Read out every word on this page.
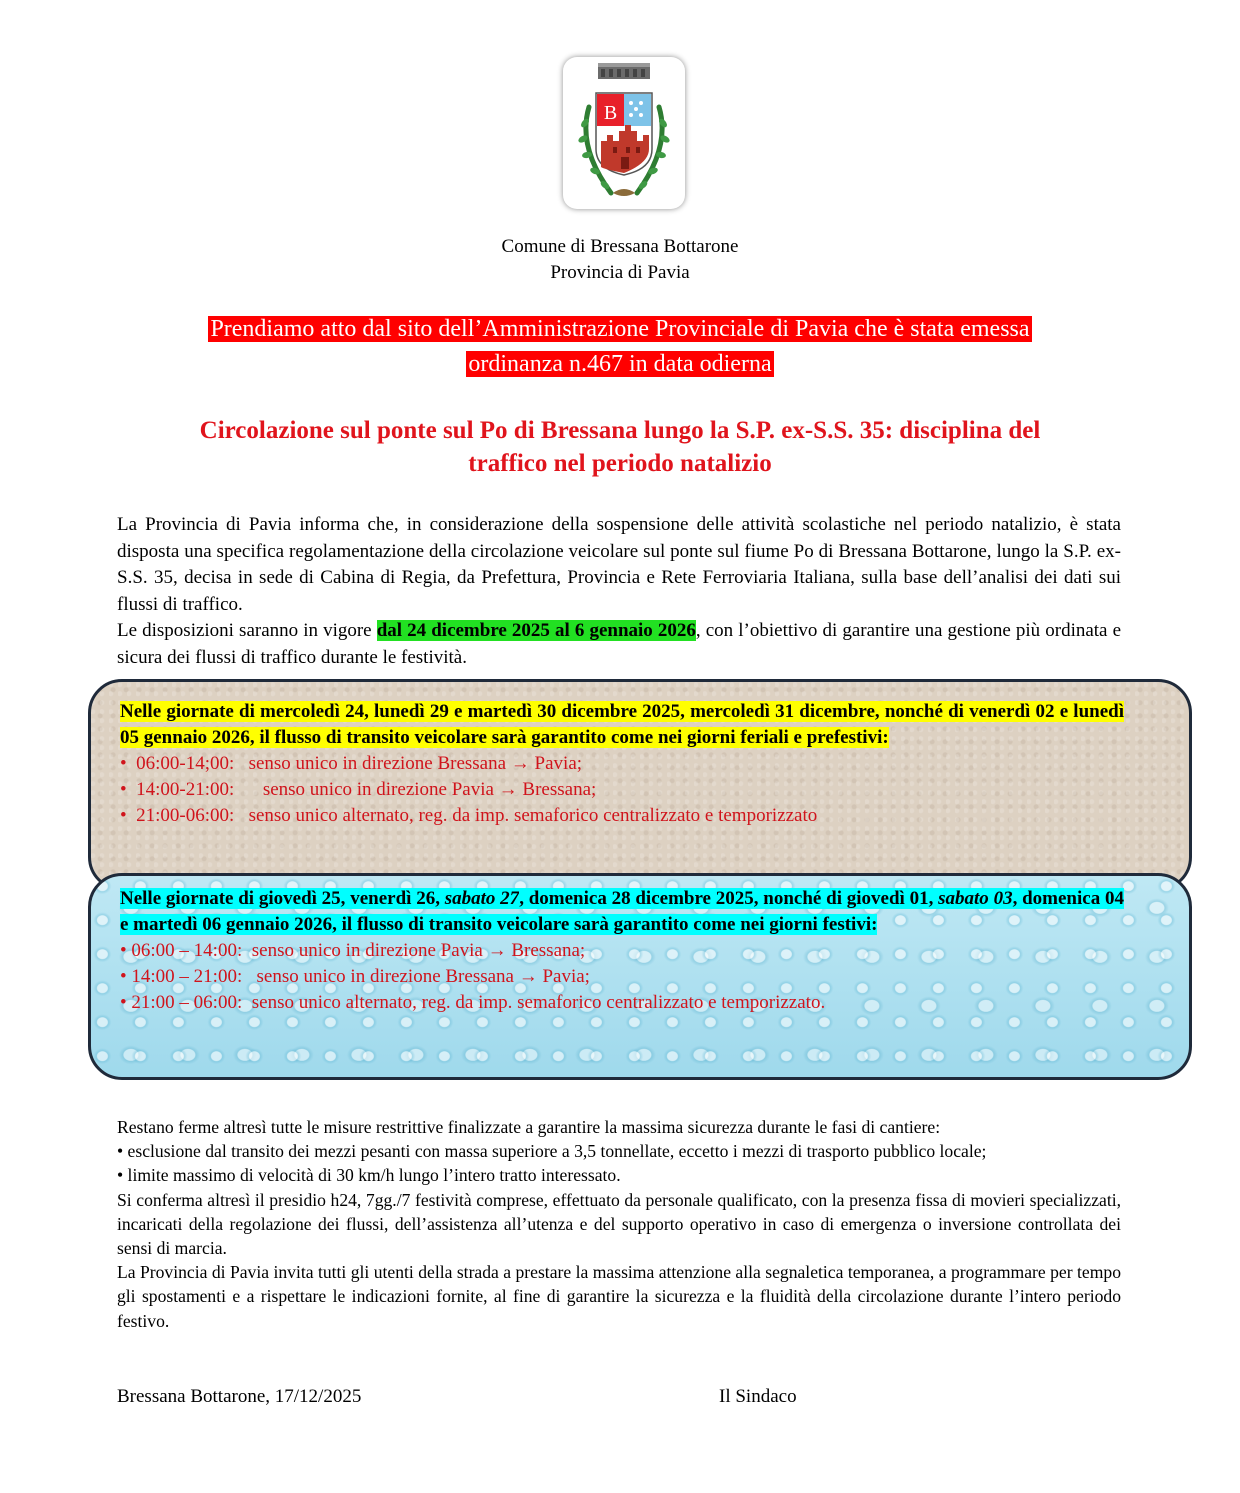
B
Comune di Bressana Bottarone
Provincia di Pavia
Prendiamo atto dal sito dell’Amministrazione Provinciale di Pavia che è stata emessa
ordinanza n.467 in data odierna
Circolazione sul ponte sul Po di Bressana lungo la S.P. ex-S.S. 35: disciplina del
traffico nel periodo natalizio

La Provincia di Pavia informa che, in considerazione della sospensione delle attività scolastiche nel periodo natalizio, è stata disposta una specifica regolamentazione della circolazione veicolare sul ponte sul fiume Po di Bressana Bottarone, lungo la S.P. ex-S.S. 35, decisa in sede di Cabina di Regia, da Prefettura, Provincia e Rete Ferroviaria Italiana, sulla base dell’analisi dei dati sui flussi di traffico.

Le disposizioni saranno in vigore dal 24 dicembre 2025 al 6 gennaio 2026, con l’obiettivo di garantire una gestione più ordinata e sicura dei flussi di traffico durante le festività.

Nelle giornate di mercoledì 24, lunedì 29 e martedì 30 dicembre 2025, mercoledì 31 dicembre, nonché di venerdì 02 e lunedì 05 gennaio 2026, il flusso di transito veicolare sarà garantito come nei giorni feriali e prefestivi:
•  06:00-14;00:   senso unico in direzione Bressana → Pavia;
•  14:00-21:00:      senso unico in direzione Pavia → Bressana;
•  21:00-06:00:   senso unico alternato, reg. da imp. semaforico centralizzato e temporizzato
Nelle giornate di giovedì 25, venerdì 26, sabato 27, domenica 28 dicembre 2025, nonché di giovedì 01, sabato 03, domenica 04 e martedì 06 gennaio 2026, il flusso di transito veicolare sarà garantito come nei giorni festivi:
• 06:00 – 14:00:  senso unico in direzione Pavia → Bressana;
• 14:00 – 21:00:   senso unico in direzione Bressana → Pavia;
• 21:00 – 06:00:  senso unico alternato, reg. da imp. semaforico centralizzato e temporizzato.

Restano ferme altresì tutte le misure restrittive finalizzate a garantire la massima sicurezza durante le fasi di cantiere:

• esclusione dal transito dei mezzi pesanti con massa superiore a 3,5 tonnellate, eccetto i mezzi di trasporto pubblico locale;

• limite massimo di velocità di 30 km/h lungo l’intero tratto interessato.

Si conferma altresì il presidio h24, 7gg./7 festività comprese, effettuato da personale qualificato, con la presenza fissa di movieri specializzati, incaricati della regolazione dei flussi, dell’assistenza all’utenza e del supporto operativo in caso di emergenza o inversione controllata dei sensi di marcia.

La Provincia di Pavia invita tutti gli utenti della strada a prestare la massima attenzione alla segnaletica temporanea, a programmare per tempo gli spostamenti e a rispettare le indicazioni fornite, al fine di garantire la sicurezza e la fluidità della circolazione durante l’intero periodo festivo.

Bressana Bottarone, 17/12/2025	Il Sindaco
